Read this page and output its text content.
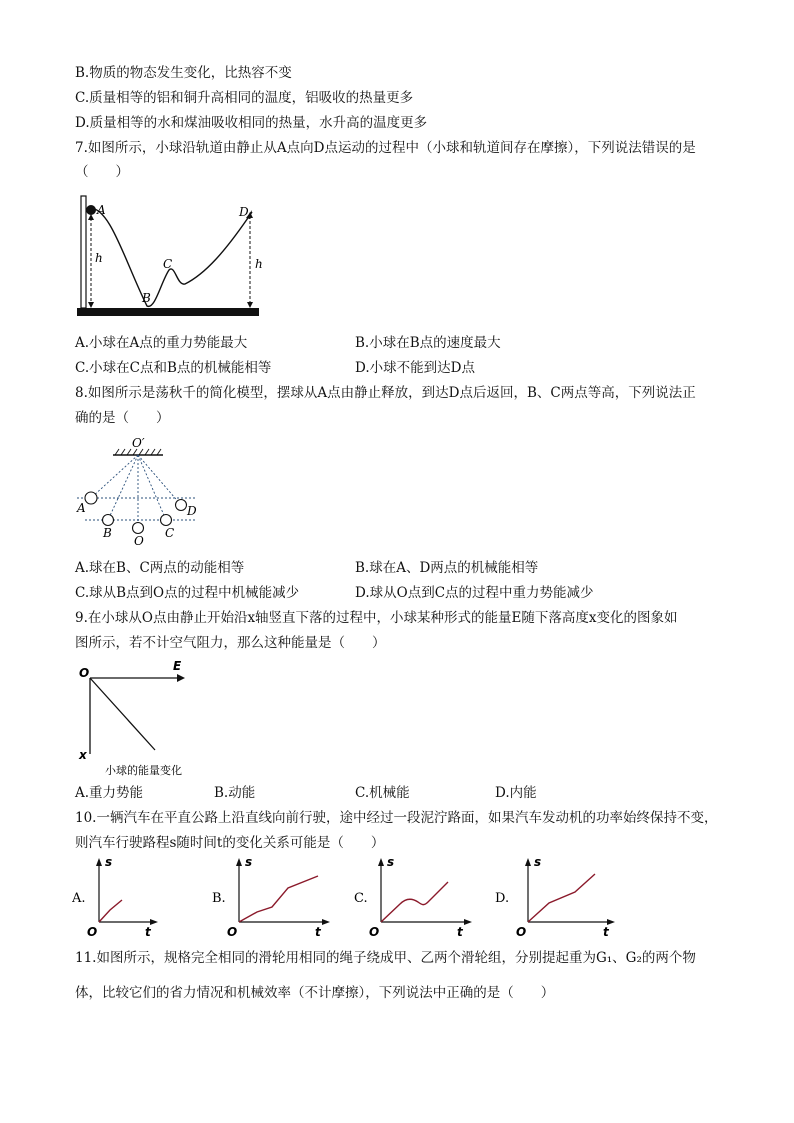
B.物质的物态发生变化，比热容不变
C.质量相等的铝和铜升高相同的温度，铝吸收的热量更多
D.质量相等的水和煤油吸收相同的热量，水升高的温度更多
7.如图所示，小球沿轨道由静止从A点向D点运动的过程中（小球和轨道间存在摩擦），下列说法错误的是
（　　）
A
B
C
D
h	h
A.小球在A点的重力势能最大	B.小球在B点的速度最大
C.小球在C点和B点的机械能相等	D.小球不能到达D点
8.如图所示是荡秋千的简化模型，摆球从A点由静止释放，到达D点后返回，B、C两点等高，下列说法正
确的是（　　）
O′
A
B
O
C
D
A.球在B、C两点的动能相等	B.球在A、D两点的机械能相等
C.球从B点到O点的过程中机械能减少	D.球从O点到C点的过程中重力势能减少
9.在小球从O点由静止开始沿x轴竖直下落的过程中，小球某种形式的能量E随下落高度x变化的图象如
图所示，若不计空气阻力，那么这种能量是（　　）
O	E
x
小球的能量变化
A.重力势能	B.动能	C.机械能	D.内能
10.一辆汽车在平直公路上沿直线向前行驶，途中经过一段泥泞路面，如果汽车发动机的功率始终保持不变，
则汽车行驶路程s随时间t的变化关系可能是（　　）
A.
s
t
O
B.
s
t
O
C.
s
t
O
D.
s
t
O
11.如图所示，规格完全相同的滑轮用相同的绳子绕成甲、乙两个滑轮组，分别提起重为G₁、G₂的两个物
体，比较它们的省力情况和机械效率（不计摩擦），下列说法中正确的是（　　）
